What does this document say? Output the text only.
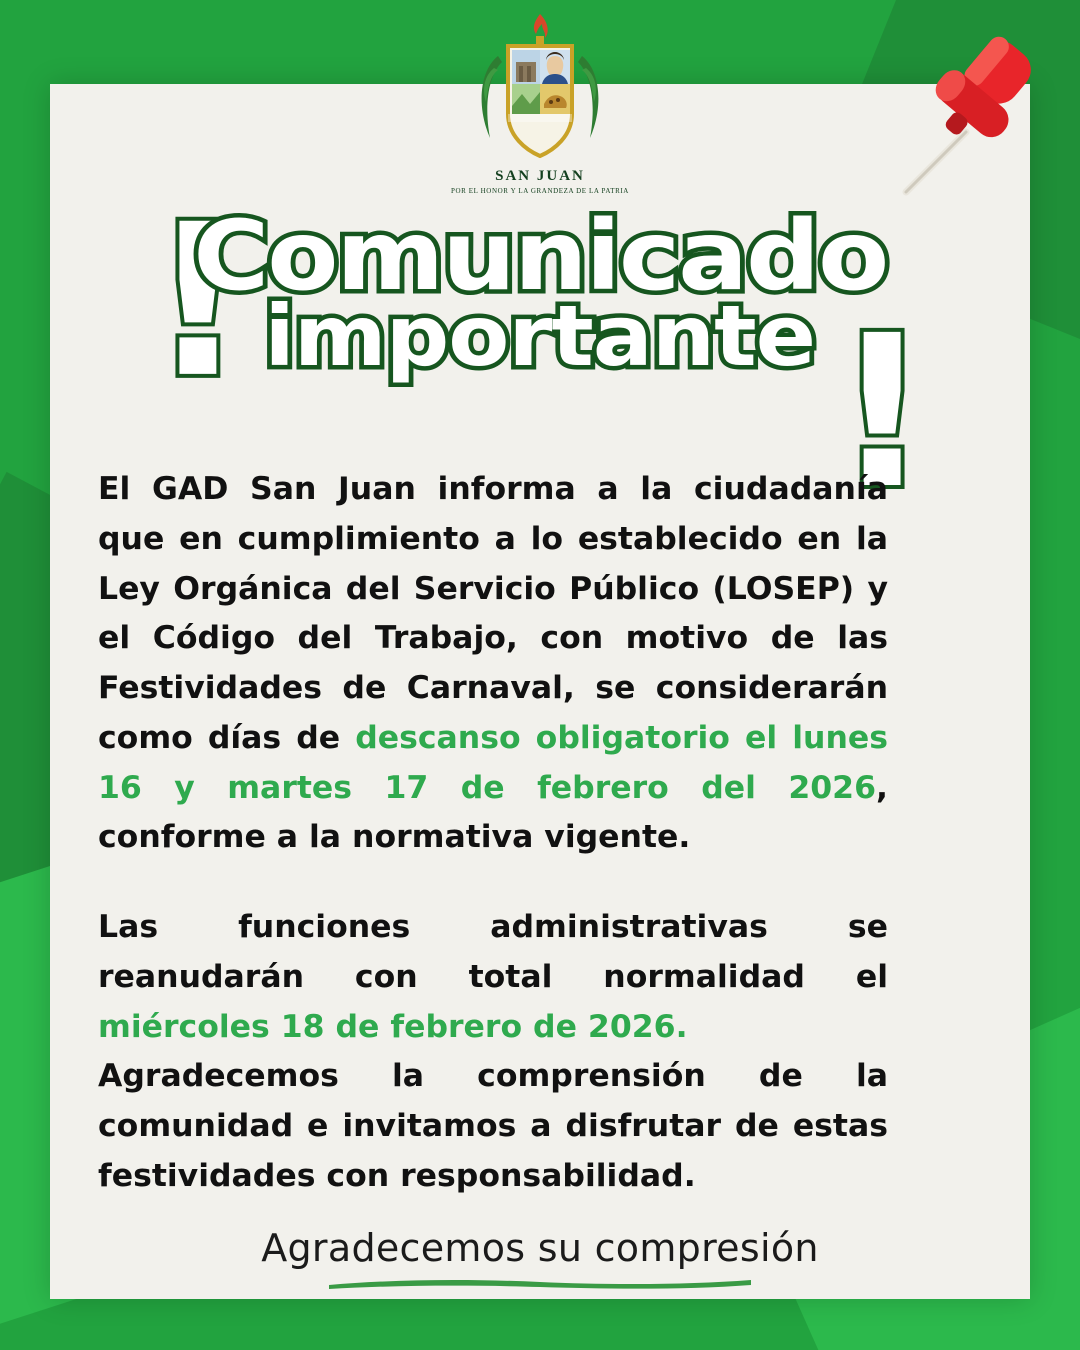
SAN JUAN
POR EL HONOR Y LA GRANDEZA DE LA PATRIA
¡	!
Comunicado
importante

El GAD San Juan informa a la ciudadanía que en cumplimiento a lo establecido en la Ley Orgánica del Servicio Público (LOSEP) y el Código del Trabajo, con motivo de las Festividades de Carnaval, se considerarán como días de descanso obligatorio el lunes 16 y martes 17 de febrero del 2026, conforme a la normativa vigente.

Las funciones administrativas se reanudarán con total normalidad el miércoles 18 de febrero de 2026.

Agradecemos la comprensión de la comunidad e invitamos a disfrutar de estas festividades con responsabilidad.

Agradecemos su compresión
